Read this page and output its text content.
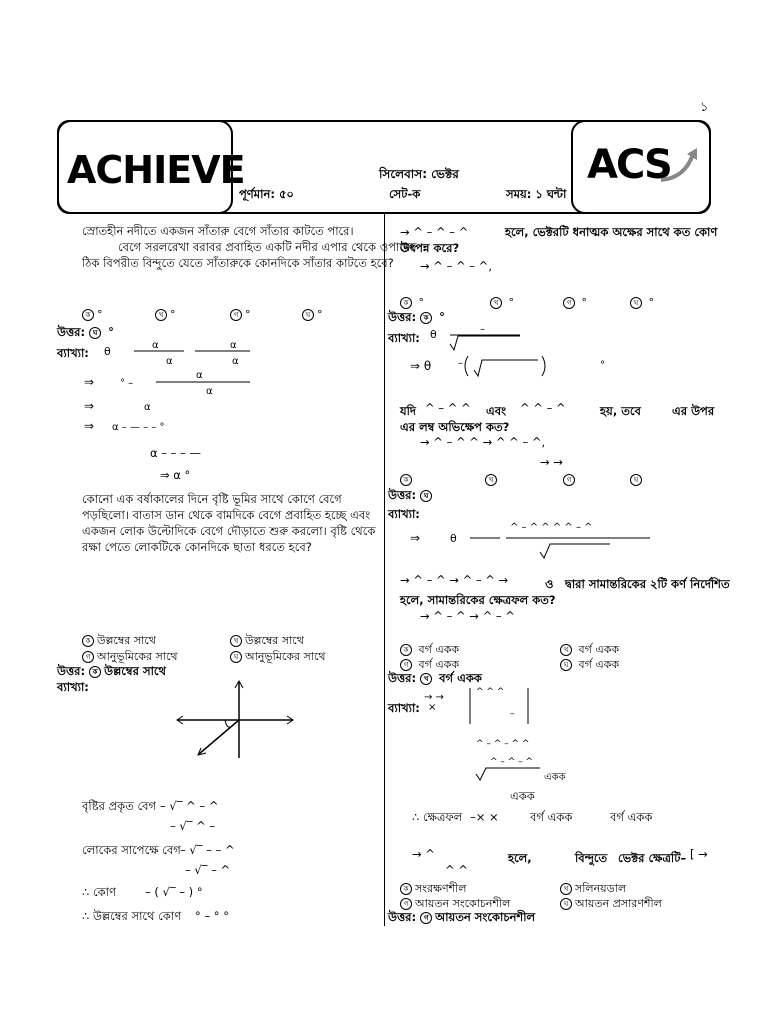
১
ACHIEVE	ACS
সিলেবাস: ভেক্টর
পূর্ণমান: ৫০	সেট-ক	সময়: ১ ঘন্টা
স্রোতহীন নদীতে একজন সাঁতারু বেগে সাঁতার কাটতে পারে।
বেগে সরলরেখা বরাবর প্রবাহিত একটি নদীর এপার থেকে ওপারের
ঠিক বিপরীত বিন্দুতে যেতে সাঁতারুকে কোনদিকে সাঁতার কাটতে হবে?
ক °	খ °	গ °	ঘ °
উত্তর: ঘ °
ব্যাখ্যা: θ	α
α
α
α
⇒	° –
α
α
⇒	α
⇒ α – — – – °
α – – – —
⇒ α °
কোনো এক বর্ষাকালের দিনে বৃষ্টি ভূমির সাথে কোণে বেগে
পড়ছিলো। বাতাস ডান থেকে বামদিকে বেগে প্রবাহিত হচ্ছে এবং
একজন লোক উল্টোদিকে বেগে দৌড়াতে শুরু করলো। বৃষ্টি থেকে
রক্ষা পেতে লোকটিকে কোনদিকে ছাতা ধরতে হবে?
ক উল্লম্বের সাথে	খ উল্লম্বের সাথে
গ আনুভূমিকের সাথে	ঘ আনুভূমিকের সাথে
উত্তর: ক উল্লম্বের সাথে
ব্যাখ্যা:
বৃষ্টির প্রকৃত বেগ – √‾ ^ – ^
– √‾ ^ –
লোকের সাপেক্ষে বেগ – √‾ – – ^
– √‾ – ^
∴ কোণ	– ( √‾ – ) °
∴ উল্লম্বের সাথে কোণ ° – ° °
→ ^ – ^ – ^	হলে, ভেক্টরটি ধনাত্মক অক্ষের সাথে কত কোণ
উৎপন্ন করে?
→ ^ – ^ – ^,
ক °	খ °	গ °	ঘ °
উত্তর: ক °
ব্যাখ্যা: θ	–
⇒ θ	–	°
যদি ^ – ^ ^ এবং ^ ^ – ^	হয়, তবে	এর উপর
এর লম্ব অভিক্ষেপ কত?
→ ^ – ^ ^ → ^ ^ – ^,
→ →
ক	খ	গ	ঘ
উত্তর: ঘ
ব্যাখ্যা:
⇒	θ
^ – ^ ^ ^ ^ – ^
→ ^ – ^ → ^ – ^ →	ও দ্বারা সামান্তরিকের ২টি কর্ণ নির্দেশিত
হলে, সামান্তরিকের ক্ষেত্রফল কত?
→ ^ – ^ → ^ – ^
ক বর্গ একক	খ বর্গ একক
গ বর্গ একক	ঘ বর্গ একক
উত্তর: খ বর্গ একক
ব্যাখ্যা:
→ →
×
^ ^ ^
–
^ – ^ – ^ ^
^ – ^ – ^
একক
একক
∴ ক্ষেত্রফল –× ×	বর্গ একক	বর্গ একক
→ ^	হলে,	বিন্দুতে ভেক্টর ক্ষেত্রটি– [ →
^ ^
ক সংরক্ষণশীল	খ সলিনয়ডাল
গ আয়তন সংকোচনশীল	ঘ আয়তন প্রসারণশীল
উত্তর: গ আয়তন সংকোচনশীল
